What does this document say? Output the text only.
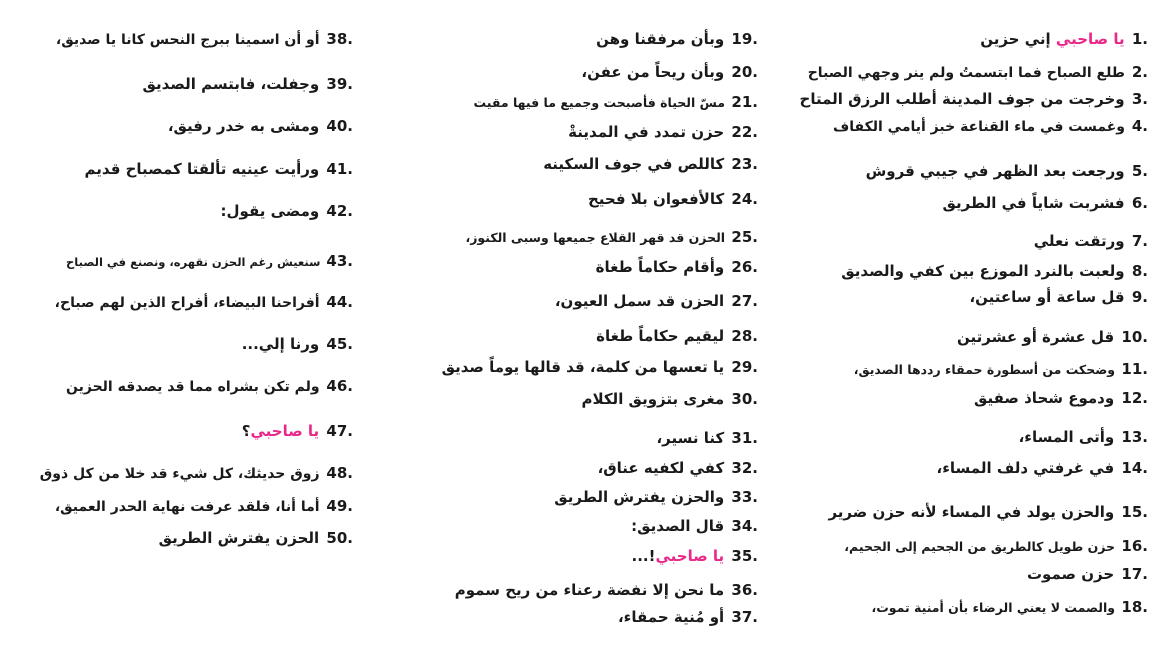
1. يا صاحبي إني حزين
2. طلع الصباح فما ابتسمتُ ولم ينر وجهي الصباح
3. وخرجت من جوف المدينة أطلب الرزق المتاح
4. وغمست في ماء القناعة خبز أيامي الكفاف
5. ورجعت بعد الظهر في جيبي قروش
6. فشربت شاياً في الطريق
7. ورتقت نعلي
8. ولعبت بالنرد الموزع بين كفي والصديق
9. قل ساعة أو ساعتين،
10. قل عشرة أو عشرتين
11. وضحكت من أسطورة حمقاء رددها الصديق،
12. ودموع شحاذ صفيق
13. وأتى المساء،
14. في غرفتي دلف المساء،
15. والحزن يولد في المساء لأنه حزن ضرير
16. حزن طويل كالطريق من الجحيم إلى الجحيم،
17. حزن صموت
18. والصمت لا يعني الرضاء بأن أمنية تموت،
19. وبأن مرفقنا وهن
20. وبأن ريحاً من عفن،
21. مسّ الحياة فأصبحت وجميع ما فيها مقيت
22. حزن تمدد في المدينةْ
23. كاللص في جوف السكينه
24. كالأفعوان بلا فحيح
25. الحزن قد قهر القلاع جميعها وسبى الكنوز،
26. وأقام حكاماً طغاة
27. الحزن قد سمل العيون،
28. ليقيم حكاماً طغاة
29. يا تعسها من كلمة، قد قالها يوماً صديق
30. مغرى بتزويق الكلام
31. كنا نسير،
32. كفي لكفيه عناق،
33. والحزن يفترش الطريق
34. قال الصديق:
35. يا صاحبي!...
36. ما نحن إلا نفضة رعناء من ريح سموم
37. أو مُنية حمقاء،
38. أو أن اسمينا ببرج النحس كانا يا صديق،
39. وجفلت، فابتسم الصديق
40. ومشى به خدر رفيق،
41. ورأيت عينيه تألقتا كمصباح قديم
42. ومضى يقول:
43. سنعيش رغم الحزن نقهره، ونصنع في الصباح
44. أفراحنا البيضاء، أفراح الذين لهم صباح،
45. ورنا إلي...
46. ولم تكن بشراه مما قد يصدقه الحزين
47. يا صاحبي؟
48. زوق حديثك، كل شيء قد خلا من كل ذوق
49. أما أنا، فلقد عرفت نهاية الحدر العميق،
50. الحزن يفترش الطريق
